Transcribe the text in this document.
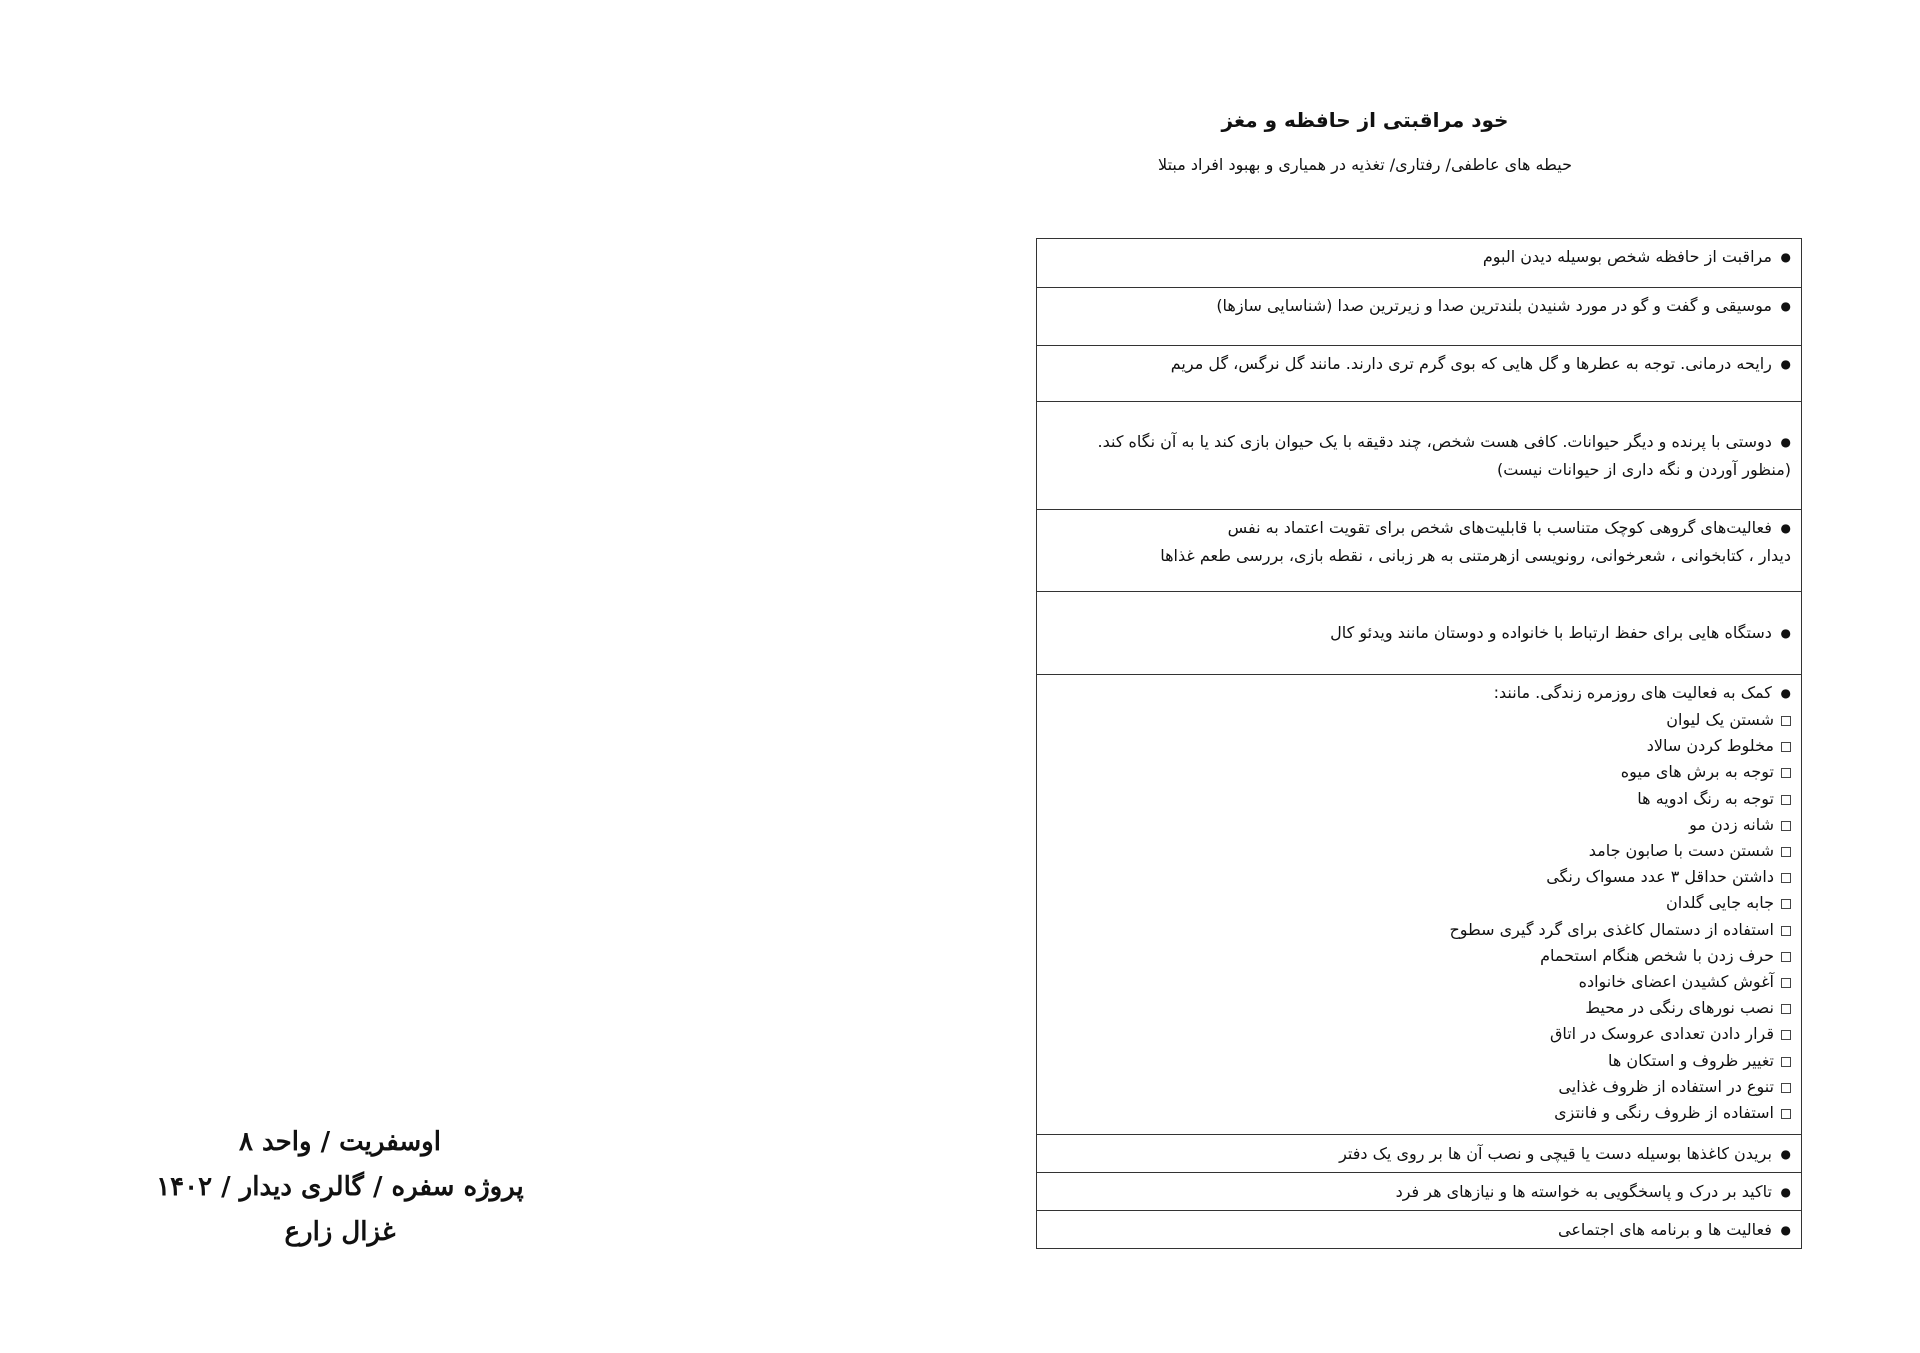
خود مراقبتی از حافظه و مغز

حیطه های عاطفی/ رفتاری/ تغذیه در همیاری و بهبود افراد مبتلا

● مراقبت از حافظه شخص بوسیله دیدن البوم
● موسیقی و گفت و گو در مورد شنیدن بلندترین صدا و زیرترین صدا (شناسایی سازها)
● رایحه درمانی. توجه به عطرها و گل هایی که بوی گرم تری دارند. مانند گل نرگس، گل مریم
● دوستی با پرنده و دیگر حیوانات. کافی هست شخص، چند دقیقه با یک حیوان بازی کند یا به آن نگاه کند. (منظور آوردن و نگه داری از حیوانات نیست)

● فعالیت‌های گروهی کوچک متناسب با قابلیت‌های شخص برای تقویت اعتماد به نفس
دیدار ، کتابخوانی ، شعرخوانی، رونویسی ازهرمتنی به هر زبانی ، نقطه بازی، بررسی طعم غذاها

● دستگاه هایی برای حفظ ارتباط با خانواده و دوستان مانند ویدئو کال

● کمک به فعالیت های روزمره زندگی. مانند:
شستن یک لیوان
مخلوط کردن سالاد
توجه به برش های میوه
توجه به رنگ ادویه ها
شانه زدن مو
شستن دست با صابون جامد
داشتن حداقل ۳ عدد مسواک رنگی
جابه جایی گلدان
استفاده از دستمال کاغذی برای گرد گیری سطوح
حرف زدن با شخص هنگام استحمام
آغوش کشیدن اعضای خانواده
نصب نورهای رنگی در محیط
قرار دادن تعدادی عروسک در اتاق
تغییر ظروف و استکان ها
تنوع در استفاده از ظروف غذایی
استفاده از ظروف رنگی و فانتزی

● بریدن کاغذها بوسیله دست یا قیچی و نصب آن ها بر روی یک دفتر
● تاکید بر درک و پاسخگویی به خواسته ها و نیازهای هر فرد
● فعالیت ها و برنامه های اجتماعی
اوسفریت / واحد ۸
پروژه سفره / گالری دیدار / ۱۴۰۲
غزال زارع
